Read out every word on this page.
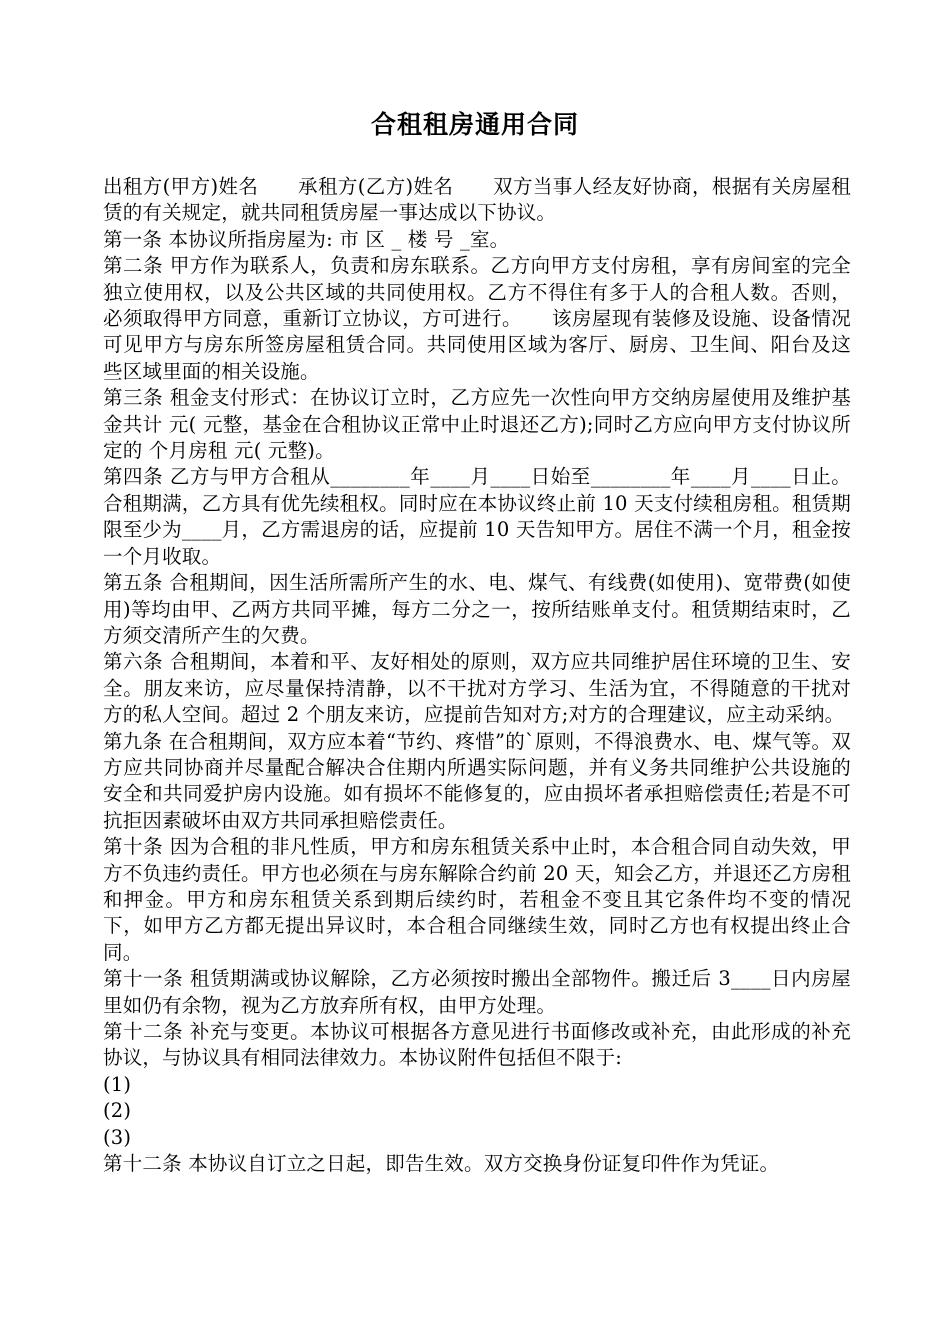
合租租房通用合同

出租方(甲方)姓名　　承租方(乙方)姓名　　双方当事人经友好协商，根据有关房屋租赁的有关规定，就共同租赁房屋一事达成以下协议。

第一条 本协议所指房屋为: 市 区 _ 楼 号 _室。

第二条 甲方作为联系人，负责和房东联系。乙方向甲方支付房租，享有房间室的完全独立使用权，以及公共区域的共同使用权。乙方不得住有多于人的合租人数。否则，必须取得甲方同意，重新订立协议，方可进行。　　该房屋现有装修及设施、设备情况可见甲方与房东所签房屋租赁合同。共同使用区域为客厅、厨房、卫生间、阳台及这些区域里面的相关设施。

第三条 租金支付形式：在协议订立时，乙方应先一次性向甲方交纳房屋使用及维护基金共计 元( 元整，基金在合租协议正常中止时退还乙方);同时乙方应向甲方支付协议所定的 个月房租 元( 元整)。

第四条 乙方与甲方合租从________年____月____日始至________年____月____日止。合租期满，乙方具有优先续租权。同时应在本协议终止前 10 天支付续租房租。租赁期限至少为____月，乙方需退房的话，应提前 10 天告知甲方。居住不满一个月，租金按一个月收取。

第五条 合租期间，因生活所需所产生的水、电、煤气、有线费(如使用)、宽带费(如使用)等均由甲、乙两方共同平摊，每方二分之一，按所结账单支付。租赁期结束时，乙方须交清所产生的欠费。

第六条 合租期间，本着和平、友好相处的原则，双方应共同维护居住环境的卫生、安全。朋友来访，应尽量保持清静，以不干扰对方学习、生活为宜，不得随意的干扰对方的私人空间。超过 2 个朋友来访，应提前告知对方;对方的合理建议，应主动采纳。

第九条 在合租期间，双方应本着“节约、疼惜”的`原则，不得浪费水、电、煤气等。双方应共同协商并尽量配合解决合住期内所遇实际问题，并有义务共同维护公共设施的安全和共同爱护房内设施。如有损坏不能修复的，应由损坏者承担赔偿责任;若是不可抗拒因素破坏由双方共同承担赔偿责任。

第十条 因为合租的非凡性质，甲方和房东租赁关系中止时，本合租合同自动失效，甲方不负违约责任。甲方也必须在与房东解除合约前 20 天，知会乙方，并退还乙方房租和押金。甲方和房东租赁关系到期后续约时，若租金不变且其它条件均不变的情况下，如甲方乙方都无提出异议时，本合租合同继续生效，同时乙方也有权提出终止合同。

第十一条 租赁期满或协议解除，乙方必须按时搬出全部物件。搬迁后 3____日内房屋里如仍有余物，视为乙方放弃所有权，由甲方处理。

第十二条 补充与变更。本协议可根据各方意见进行书面修改或补充，由此形成的补充协议，与协议具有相同法律效力。本协议附件包括但不限于:

(1)

(2)

(3)

第十二条 本协议自订立之日起，即告生效。双方交换身份证复印件作为凭证。
